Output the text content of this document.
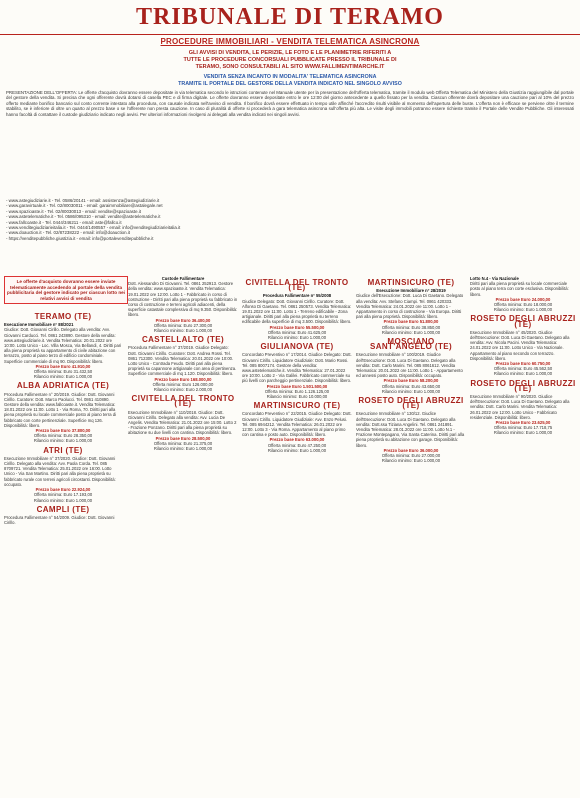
TRIBUNALE DI TERAMO
PROCEDURE IMMOBILIARI - VENDITA TELEMATICA ASINCRONA
GLI AVVISI DI VENDITA, LE PERIZIE, LE FOTO E LE PLANIMETRIE RIFERITI A
TUTTE LE PROCEDURE CONCORSUALI PUBBLICATE PRESSO IL TRIBUNALE DI
TERAMO, SONO CONSULTABILI AL SITO WWW.FALLIMENTIMARCHE.IT
VENDITA SENZA INCANTO IN MODALITA' TELEMATICA ASINCRONA
TRAMITE IL PORTALE DEL GESTORE DELLA VENDITA INDICATO NEL SINGOLO AVVISO
PRESENTAZIONE DELL'OFFERTA: Le offerte d'acquisto dovranno essere depositate in via telematica secondo le istruzioni contenute nel Manuale utente per la presentazione dell'offerta telematica, tramite il modulo web Offerta Telematica del Ministero della Giustizia raggiungibile dal portale del gestore della vendita. Si precisa che ogni offerente dovrà dotarsi di casella PEC e di firma digitale. Le offerte dovranno essere depositate entro le ore 12:00 del giorno antecedente a quello fissato per la vendita. Ciascun offerente dovrà depositare una cauzione pari al 10% del prezzo offerto mediante bonifico bancario sul conto corrente intestato alla procedura, con causale indicata nell'avviso di vendita. Il bonifico dovrà essere effettuato in tempo utile affinché l'accredito risulti visibile al momento dell'apertura delle buste. L'offerta non è efficace se perviene oltre il termine stabilito, se è inferiore di oltre un quarto al prezzo base o se l'offerente non presta cauzione. In caso di pluralità di offerte si procederà a gara telematica asincrona sull'offerta più alta. Le visite degli immobili potranno essere richieste tramite il Portale delle Vendite Pubbliche. Gli interessati hanno facoltà di contattare il custode giudiziario indicato negli avvisi. Per ulteriori informazioni rivolgersi ai delegati alla vendita indicati nei singoli avvisi.
- www.astegiudiziarie.it - Tel. 0586/20141 - email: assistenza@astegiudiziarie.it
- www.garavirtuale.it - Tel. 02/80030011 - email: garaimmobiliare@astalegale.net
- www.spazioaste.it - Tel. 02/80030013 - email: vendite@spazioaste.it
- www.astetelematiche.it - Tel. 0586/095310 - email: vendite@astetelematiche.it
- www.fallcoaste.it - Tel. 0444/346211 - email: aste@fallco.it
- www.venditegiudiziarieitalia.it - Tel. 0444/1490557 - email: info@venditegiudiziarieitalia.it
- www.doauction.it - Tel. 02/87238222 - email: info@doauction.it
- https://venditepubbliche.giustizia.it - email: info@portalevenditepubbliche.it
Le offerte d'acquisto dovranno essere inviate telematicamente accedendo al portale della vendita pubblicitaria del gestore indicato per ciascun lotto nei relativi avvisi di vendita
TERAMO (TE)
Esecuzione Immobiliare n° 88/2021
Giudice: Dott. Giovanni Cirillo. Delegato alla vendita: Avv. Giovanni Carducci. Tel. 0861 243890. Gestore della vendita: www.astegiudiziarie.it. Vendita Telematica: 20.01.2022 ore 10:00. Lotto Unico - Loc. Villa Mosca, Via Bellandi, 4. Diritti pari alla piena proprietà su appartamento di civile abitazione con terrazzo, posto al piano terzo di edificio condominiale. Superficie commerciale di mq 90. Disponibilità: libero.
Prezzo base Euro 41.910,00
Offerta minima: Euro 31.432,50
Rilancio minimo: Euro 1.000,00
ALBA ADRIATICA (TE)
Procedura Fallimentare n° 20/2019. Giudice: Dott. Giovanni Cirillo. Curatore: Dott. Marco Paolucci. Tel. 0861 410890. Gestore della vendita: www.fallcoaste.it. Vendita Telematica: 18.01.2022 ore 11:00. Lotto 1 - Via Roma, 70. Diritti pari alla piena proprietà su locale commerciale posto al piano terra di fabbricato con corte pertinenziale. Superficie mq 126. Disponibilità: libero.
Prezzo base Euro 37.800,00
Offerta minima: Euro 28.350,00
Rilancio minimo: Euro 1.000,00
ATRI (TE)
Esecuzione Immobiliare n° 37/2020. Giudice: Dott. Giovanni Cirillo. Delegato alla vendita: Avv. Paola Corda. Tel. 085 8709721. Vendita Telematica: 25.01.2022 ore 16:00. Lotto Unico - Via San Martino. Diritti pari alla piena proprietà su fabbricato rurale con terreni agricoli circostanti. Disponibilità: occupato.
Prezzo base Euro 22.924,00
Offerta minima: Euro 17.193,00
Rilancio minimo: Euro 1.000,00
CAMPLI (TE)
Procedura Fallimentare n° 54/2009. Giudice: Dott. Giovanni Cirillo.
Custode Fallimentare
Dott. Alessandro Di Giovanni. Tel. 0861 252913. Gestore della vendita: www.spazioaste.it. Vendita Telematica: 19.01.2022 ore 12:00. Lotto 1 - Fabbricato in corso di costruzione - Diritti pari alla piena proprietà su fabbricato in corso di costruzione e terreni agricoli adiacenti, della superficie catastale complessiva di mq 9.350. Disponibilità: libero.
Prezzo base Euro 36.400,00
Offerta minima: Euro 27.300,00
Rilancio minimo: Euro 1.000,00
CASTELLALTO (TE)
Procedura Fallimentare n° 37/2019. Giudice Delegato: Dott. Giovanni Cirillo. Curatore: Dott. Andrea Rossi. Tel. 0861 712300. Vendita Telematica: 20.01.2022 ore 10:00. Lotto Unico - Contrada Feudo. Diritti pari alla piena proprietà su capannone artigianale con area di pertinenza. Superficie commerciale di mq 1.120. Disponibilità: libero.
Prezzo base Euro 168.000,00
Offerta minima: Euro 126.000,00
Rilancio minimo: Euro 2.000,00
CIVITELLA DEL TRONTO (TE)
Esecuzione Immobiliare n° 110/2018. Giudice: Dott. Giovanni Cirillo. Delegato alla vendita: Avv. Lucia De Angelis. Vendita Telematica: 21.01.2022 ore 15:00. Lotto 2 - Frazione Ponzano. Diritti pari alla piena proprietà su abitazione su due livelli con cantina. Disponibilità: libero.
Prezzo base Euro 28.500,00
Offerta minima: Euro 21.375,00
Rilancio minimo: Euro 1.000,00
CIVITELLA DEL TRONTO (TE)
Procedura Fallimentare n° 55/2008
Giudice Delegato: Dott. Giovanni Cirillo. Curatore: Dott. Alfonso Di Gaetano. Tel. 0861 250573. Vendita Telematica: 19.01.2022 ore 11:00. Lotto 1 - Terreno edificabile - Zona artigianale. Diritti pari alla piena proprietà su terreno edificabile della superficie di mq 3.500. Disponibilità: libero.
Prezzo base Euro 55.500,00
Offerta minima: Euro 41.625,00
Rilancio minimo: Euro 1.000,00
GIULIANOVA (TE)
Concordato Preventivo n° 17/2014. Giudice Delegato: Dott. Giovanni Cirillo. Liquidatore Giudiziale: Dott. Mario Rossi. Tel. 085 8007174. Gestore della vendita: www.astetelematiche.it. Vendita Telematica: 27.01.2022 ore 10:00. Lotto 2 - Via Galilei. Fabbricato commerciale su più livelli con parcheggio pertinenziale. Disponibilità: libero.
Prezzo base Euro 1.501.500,00
Offerta minima: Euro 1.126.125,00
Rilancio minimo: Euro 10.000,00
MARTINSICURO (TE)
Concordato Preventivo n° 22/2015. Giudice Delegato: Dott. Giovanni Cirillo. Liquidatore Giudiziale: Avv. Enzo Pelusi. Tel. 085 6944212. Vendita Telematica: 26.01.2022 ore 12:00. Lotto 3 - Via Roma. Appartamento al piano primo con cantina e posto auto. Disponibilità: libero.
Prezzo base Euro 63.000,00
Offerta minima: Euro 47.250,00
Rilancio minimo: Euro 1.000,00
MARTINSICURO (TE)
Esecuzione Immobiliare n° 28/2019
Giudice dell'Esecuzione: Dott. Luca Di Gaetano. Delegato alla vendita: Avv. Stefano Ciampi. Tel. 0861 420333. Vendita Telematica: 24.01.2022 ore 11:00. Lotto 1 - Appartamento in corso di costruzione - Via Europa. Diritti pari alla piena proprietà. Disponibilità: libero.
Prezzo base Euro 51.800,00
Offerta minima: Euro 38.850,00
Rilancio minimo: Euro 1.000,00
MOSCIANO SANT'ANGELO (TE)
Esecuzione Immobiliare n° 100/2019. Giudice dell'Esecuzione: Dott. Luca Di Gaetano. Delegato alla vendita: Dott. Carlo Marini. Tel. 085 8061612. Vendita Telematica: 20.01.2022 ore 11:00. Lotto 1 - Appartamento ed annessi posto auto. Disponibilità: occupato.
Prezzo base Euro 58.200,00
Offerta minima: Euro 43.650,00
Rilancio minimo: Euro 1.000,00
ROSETO DEGLI ABRUZZI (TE)
Esecuzione Immobiliare n° 130/12. Giudice dell'Esecuzione: Dott. Luca Di Gaetano. Delegato alla vendita: Dott.ssa Tiziana Angelini. Tel. 0861 241891. Vendita Telematica: 28.01.2022 ore 11:00. Lotto N.1 - Frazione Montepagano, Via Santa Caterina. Diritti pari alla piena proprietà su abitazione con garage. Disponibilità: libero.
Prezzo base Euro 36.000,00
Offerta minima: Euro 27.000,00
Rilancio minimo: Euro 1.000,00
Lotto N.4 - Via Nazionale
Diritti pari alla piena proprietà su locale commerciale posto al piano terra con corte esclusiva. Disponibilità: libero.
Prezzo base Euro 24.000,00
Offerta minima: Euro 18.000,00
Rilancio minimo: Euro 1.000,00
ROSETO DEGLI ABRUZZI (TE)
Esecuzione Immobiliare n° 45/2020. Giudice dell'Esecuzione: Dott. Luca Di Gaetano. Delegato alla vendita: Avv. Nicola Pacini. Vendita Telematica: 24.01.2022 ore 11:00. Lotto Unico - Via Nazionale. Appartamento al piano secondo con terrazzo. Disponibilità: libero.
Prezzo base Euro 60.750,00
Offerta minima: Euro 45.562,50
Rilancio minimo: Euro 1.000,00
ROSETO DEGLI ABRUZZI (TE)
Esecuzione Immobiliare n° 90/2020. Giudice dell'Esecuzione: Dott. Luca Di Gaetano. Delegato alla vendita: Dott. Carlo Marini. Vendita Telematica: 26.01.2022 ore 12:00. Lotto Unico - Fabbricato residenziale. Disponibilità: libero.
Prezzo base Euro 23.625,00
Offerta minima: Euro 17.718,75
Rilancio minimo: Euro 1.000,00
